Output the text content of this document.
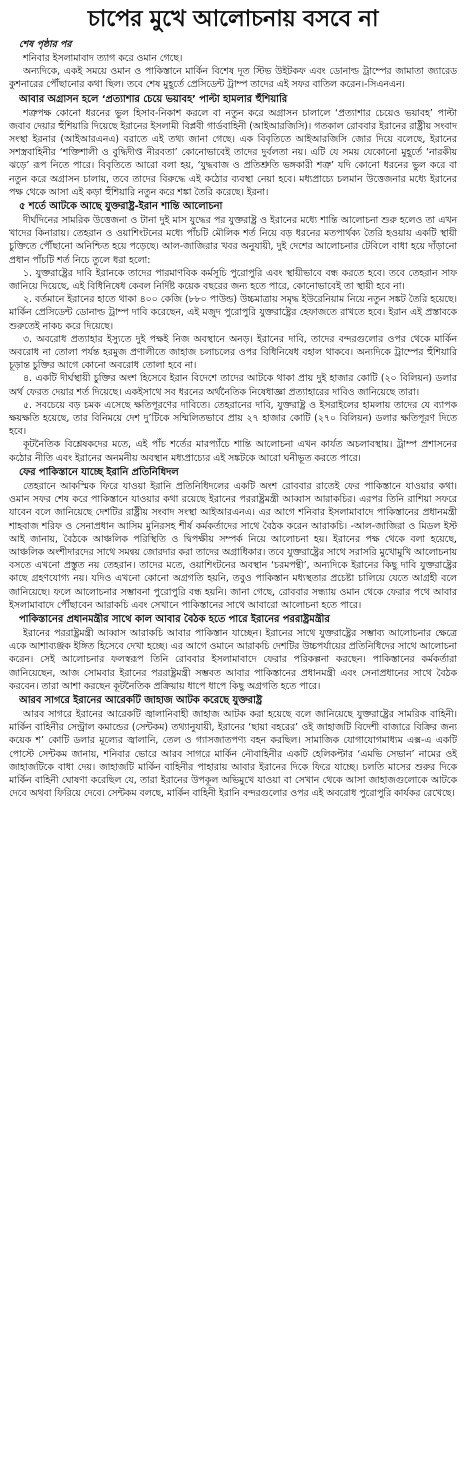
চাপের মুখে আলোচনায় বসবে না
শেষ পৃষ্ঠার পর

শনিবার ইসলামাবাদ ত্যাগ করে ওমান গেছে।

অন্যদিকে, একই সময়ে ওমান ও পাকিস্তানে মার্কিন বিশেষ দূত স্টিভ উইটকফ এবং ডোনাল্ড ট্রাম্পের জামাতা জ্যারেড কুশনারের পৌঁছানোর কথা ছিল। তবে শেষ মুহূর্তে প্রেসিডেন্ট ট্রাম্প তাদের এই সফর বাতিল করেন।-সিএনএন।

আবার অগ্রাসন হলে ‘প্রত্যাশার চেয়ে ভয়াবহ’ পাল্টা হামলার হুঁশিয়ারি

শত্রুপক্ষ কোনো ধরনের ভুল হিসাব-নিকাশ করলে বা নতুন করে অগ্রাসন চালালে ‘প্রত্যাশার চেয়েও ভয়াবহ’ পাল্টা জবাব দেয়ার হুঁশিয়ারি দিয়েছে ইরানের ইসলামী বিপ্লবী গার্ডবাহিনী (আইআরজিসি)। গতকাল রোববার ইরানের রাষ্ট্রীয় সংবাদ সংস্থা ইরনার (আইআরএনএ) বরাতে এই তথ্য জানা গেছে। এক বিবৃতিতে আইআরজিসি জোর দিয়ে বলেছে, ইরানের সশস্ত্রবাহিনীর ‘শক্তিশালী ও বুদ্ধিদীপ্ত নীরবতা’ কোনোভাবেই তাদের দুর্বলতা নয়। এটি যে সময় যেকোনো মুহূর্তে ‘নারকীয় ঝড়ে’ রূপ নিতে পারে। বিবৃতিতে আরো বলা হয়, ‘যুদ্ধবাজ ও প্রতিশ্রুতি ভঙ্গকারী শত্রু’ যদি কোনো ধরনের ভুল করে বা নতুন করে অগ্রাসন চালায়, তবে তাদের বিরুদ্ধে এই কঠোর ব্যবস্থা নেয়া হবে। মধ্যপ্রাচ্যে চলমান উত্তেজনার মধ্যে ইরানের পক্ষ থেকে আসা এই কড়া হুঁশিয়ারি নতুন করে শঙ্কা তৈরি করেছে। ইরনা।

৫ শর্তে আটকে আছে যুক্তরাষ্ট্র-ইরান শান্তি আলোচনা

দীর্ঘদিনের সামরিক উত্তেজনা ও টানা দুই মাস যুদ্ধের পর যুক্তরাষ্ট্র ও ইরানের মধ্যে শান্তি আলোচনা শুরু হলেও তা এখন খাদের কিনারায়। তেহরান ও ওয়াশিংটনের মধ্যে পাঁচটি মৌলিক শর্ত নিয়ে বড় ধরনের মতপার্থক্য তৈরি হওয়ায় একটি স্থায়ী চুক্তিতে পৌঁছানো অনিশ্চিত হয়ে পড়েছে। আল-জাজিরার খবর অনুযায়ী, দুই দেশের আলোচনার টেবিলে বাধা হয়ে দাঁড়ানো প্রধান পাঁচটি শর্ত নিচে তুলে ধরা হলো:

১. যুক্তরাষ্ট্রের দাবি ইরানকে তাদের পারমাণবিক কর্মসূচি পুরোপুরি এবং স্থায়ীভাবে বন্ধ করতে হবে। তবে তেহরান সাফ জানিয়ে দিয়েছে, এই বিধিনিষেধ কেবল নির্দিষ্ট কয়েক বছরের জন্য হতে পারে, কোনোভাবেই তা স্থায়ী হবে না।

২. বর্তমানে ইরানের হাতে থাকা ৪০০ কেজি (৮৮০ পাউন্ড) উচ্চমাত্রায় সমৃদ্ধ ইউরেনিয়াম নিয়ে নতুন সঙ্কট তৈরি হয়েছে। মার্কিন প্রেসিডেন্ট ডোনাল্ড ট্রাম্প দাবি করেছেন, এই মজুদ পুরোপুরি যুক্তরাষ্ট্রের হেফাজতে রাখতে হবে। ইরান এই প্রস্তাবকে শুরুতেই নাকচ করে দিয়েছে।

৩. অবরোধ প্রত্যাহার ইস্যুতে দুই পক্ষই নিজ অবস্থানে অনড়। ইরানের দাবি, তাদের বন্দরগুলোর ওপর থেকে মার্কিন অবরোধ না তোলা পর্যন্ত হরমুজ প্রণালীতে জাহাজ চলাচলের ওপর বিধিনিষেধ বহাল থাকবে। অন্যদিকে ট্রাম্পের হুঁশিয়ারি চূড়ান্ত চুক্তির আগে কোনো অবরোধ তোলা হবে না।

৪. একটি দীর্ঘস্থায়ী চুক্তির অংশ হিসেবে ইরান বিদেশে তাদের আটকে থাকা প্রায় দুই হাজার কোটি (২০ বিলিয়ন) ডলার অর্থ ফেরত দেয়ার শর্ত দিয়েছে। একইসাথে সব ধরনের অর্থনৈতিক নিষেধাজ্ঞা প্রত্যাহারের দাবিও জানিয়েছে তারা।

৫. সবচেয়ে বড় চমক এসেছে ক্ষতিপূরণের দাবিতে। তেহরানের দাবি, যুক্তরাষ্ট্র ও ইসরাইলের হামলায় তাদের যে ব্যাপক ক্ষয়ক্ষতি হয়েছে, তার বিনিময়ে দেশ দু’টিকে সম্মিলিতভাবে প্রায় ২৭ হাজার কোটি (২৭০ বিলিয়ন) ডলার ক্ষতিপূরণ দিতে হবে।

কূটনৈতিক বিশ্লেষকদের মতে, এই পাঁচ শর্তের মারপ্যাঁচে শান্তি আলোচনা এখন কার্যত অচলাবস্থায়। ট্রাম্প প্রশাসনের কঠোর নীতি এবং ইরানের অনমনীয় অবস্থান মধ্যপ্রাচ্যের এই সঙ্কটকে আরো ঘনীভূত করতে পারে।

ফের পাকিস্তানে যাচ্ছে ইরানি প্রতিনিধিদল

তেহরানে আকস্মিক ফিরে যাওয়া ইরানি প্রতিনিধিদলের একটি অংশ রোববার রাতেই ফের পাকিস্তানে যাওয়ার কথা। ওমান সফর শেষ করে পাকিস্তানে যাওয়ার কথা রয়েছে ইরানের পররাষ্ট্রমন্ত্রী আব্বাস আরাকচির। এরপর তিনি রাশিয়া সফরে যাবেন বলে জানিয়েছে দেশটির রাষ্ট্রীয় সংবাদ সংস্থা আইআরএনএ। এর আগে শনিবার ইসলামাবাদে পাকিস্তানের প্রধানমন্ত্রী শাহবাজ শরিফ ও সেনাপ্রধান আসিম মুনিরসহ শীর্ষ কর্মকর্তাদের সাথে বৈঠক করেন আরাকচি। -আল-জাজিরা ও মিডল ইস্ট আই জানায়, বৈঠকে আঞ্চলিক পরিস্থিতি ও দ্বিপক্ষীয় সম্পর্ক নিয়ে আলোচনা হয়। ইরানের পক্ষ থেকে বলা হয়েছে, আঞ্চলিক অংশীদারদের সাথে সমন্বয় জোরদার করা তাদের অগ্রাধিকার। তবে যুক্তরাষ্ট্রের সাথে সরাসরি মুখোমুখি আলোচনায় বসতে এখনো প্রস্তুত নয় তেহরান। তাদের মতে, ওয়াশিংটনের অবস্থান ‘চরমপন্থী’, অন্যদিকে ইরানের কিছু দাবি যুক্তরাষ্ট্রের কাছে গ্রহণযোগ্য নয়। যদিও এখনো কোনো অগ্রগতি হয়নি, তবুও পাকিস্তান মধ্যস্থতার প্রচেষ্টা চালিয়ে যেতে আগ্রহী বলে জানিয়েছে। ফলে আলোচনার সম্ভাবনা পুরোপুরি বন্ধ হয়নি। জানা গেছে, রোববার সন্ধ্যায় ওমান থেকে ফেরার পথে আবার ইসলামাবাদে পৌঁছাবেন আরাকচি এবং সেখানে পাকিস্তানের সাথে আবারো আলোচনা হতে পারে।

পাকিস্তানের প্রধানমন্ত্রীর সাথে কাল আবার বৈঠক হতে পারে ইরানের পররাষ্ট্রমন্ত্রীর

ইরানের পররাষ্ট্রমন্ত্রী আব্বাস আরাকচি আবার পাকিস্তান যাচ্ছেন। ইরানের সাথে যুক্তরাষ্ট্রের সম্ভাব্য আলোচনার ক্ষেত্রে একে আশাব্যঞ্জক ইঙ্গিত হিসেবে দেখা হচ্ছে। এর আগে ওমানে আরাকচি দেশটির উচ্চপর্যায়ের প্রতিনিধিদের সাথে আলোচনা করেন। সেই আলোচনার ফলস্বরূপ তিনি রোববার ইসলামাবাদে ফেরার পরিকল্পনা করছেন। পাকিস্তানের কর্মকর্তারা জানিয়েছেন, আজ সোমবার ইরানের পররাষ্ট্রমন্ত্রী সম্ভবত আবার পাকিস্তানের প্রধানমন্ত্রী এবং সেনাপ্রধানের সাথে বৈঠক করবেন। তারা আশা করছেন কূটনৈতিক প্রক্রিয়ায় ধাপে ধাপে কিছু অগ্রগতি হতে পারে।

আরব সাগরে ইরানের আরেকটি জাহাজ আটক করেছে যুক্তরাষ্ট্র

আরব সাগরে ইরানের আরেকটি জ্বালানিবাহী জাহাজ আটক করা হয়েছে বলে জানিয়েছে যুক্তরাষ্ট্রের সামরিক বাহিনী। মার্কিন বাহিনীর সেন্ট্রাল কমান্ডের (সেন্টকম) তথ্যানুযায়ী, ইরানের ‘ছায়া বহরের’ ওই জাহাজটি বিদেশী বাজারে বিক্রির জন্য কয়েক শ’ কোটি ডলার মূল্যের জ্বালানি, তেল ও গ্যাসজাতপণ্য বহন করছিল। সামাজিক যোগাযোগমাধ্যম এক্স-এ একটি পোস্টে সেন্টকম জানায়, শনিবার ভোরে আরব সাগরে মার্কিন নৌবাহিনীর একটি হেলিকপ্টার ‘এমভি সেভান’ নামের ওই জাহাজটিকে বাধা দেয়। জাহাজটি মার্কিন বাহিনীর পাহারায় আবার ইরানের দিকে ফিরে যাচ্ছে। চলতি মাসের শুরুর দিকে মার্কিন বাহিনী ঘোষণা করেছিল যে, তারা ইরানের উপকূল অভিমুখে যাওয়া বা সেখান থেকে আসা জাহাজগুলোকে আটকে দেবে অথবা ফিরিয়ে দেবে। সেন্টকম বলছে, মার্কিন বাহিনী ইরানি বন্দরগুলোর ওপর এই অবরোধ পুরোপুরি কার্যকর রেখেছে।
